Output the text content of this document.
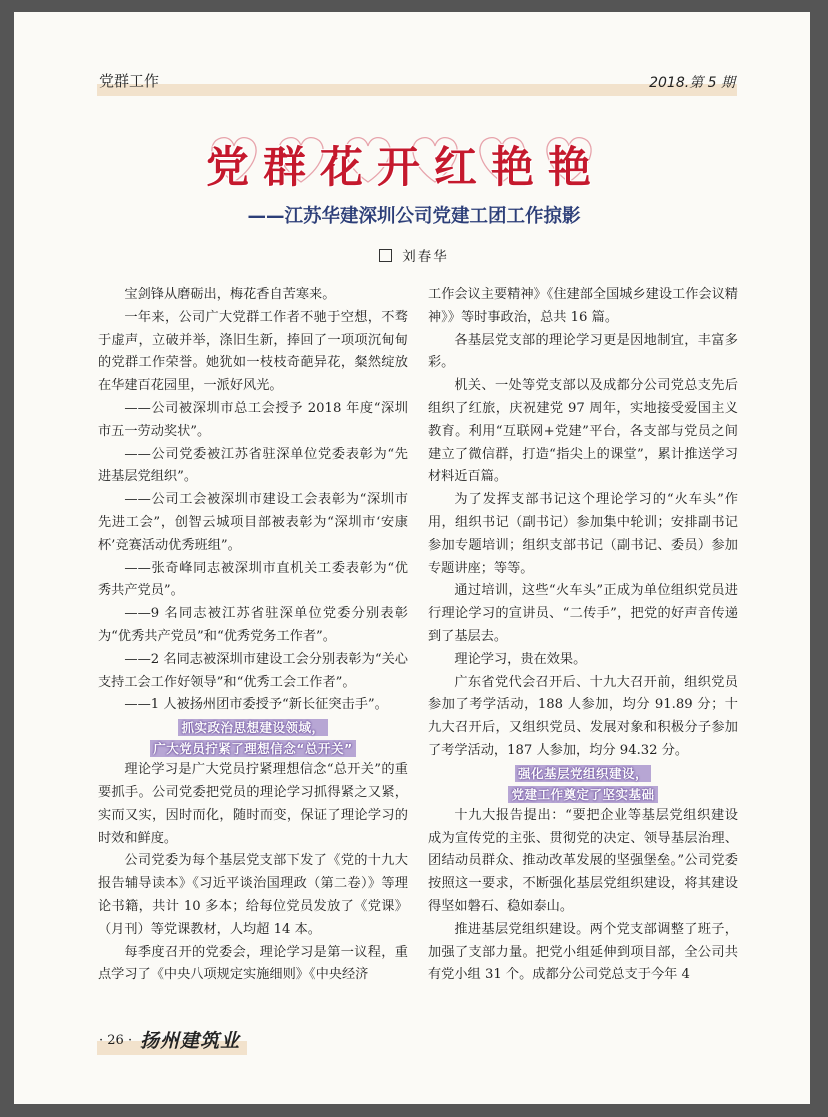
党群工作	2018.第 5 期
党群花开红艳艳
——江苏华建深圳公司党建工团工作掠影
刘春华

宝剑锋从磨砺出，梅花香自苦寒来。

一年来，公司广大党群工作者不驰于空想，不骛于虚声，立破并举，涤旧生新，捧回了一项项沉甸甸的党群工作荣誉。她犹如一枝枝奇葩异花，粲然绽放在华建百花园里，一派好风光。

——公司被深圳市总工会授予 2018 年度“深圳市五一劳动奖状”。

——公司党委被江苏省驻深单位党委表彰为“先进基层党组织”。

——公司工会被深圳市建设工会表彰为“深圳市先进工会”，创智云城项目部被表彰为“深圳市‘安康杯’竞赛活动优秀班组”。

——张奇峰同志被深圳市直机关工委表彰为“优秀共产党员”。

——9 名同志被江苏省驻深单位党委分别表彰为“优秀共产党员”和“优秀党务工作者”。

——2 名同志被深圳市建设工会分别表彰为“关心支持工会工作好领导”和“优秀工会工作者”。

——1 人被扬州团市委授予“新长征突击手”。

抓实政治思想建设领域，

广大党员拧紧了理想信念“总开关”

理论学习是广大党员拧紧理想信念“总开关”的重要抓手。公司党委把党员的理论学习抓得紧之又紧，实而又实，因时而化，随时而变，保证了理论学习的时效和鲜度。

公司党委为每个基层党支部下发了《党的十九大报告辅导读本》《习近平谈治国理政（第二卷）》等理论书籍，共计 10 多本；给每位党员发放了《党课》（月刊）等党课教材，人均超 14 本。

每季度召开的党委会，理论学习是第一议程，重点学习了《中央八项规定实施细则》《中央经济

工作会议主要精神》《住建部全国城乡建设工作会议精神》》等时事政治，总共 16 篇。

各基层党支部的理论学习更是因地制宜，丰富多彩。

机关、一处等党支部以及成都分公司党总支先后组织了红旅，庆祝建党 97 周年，实地接受爱国主义教育。利用“互联网+党建”平台，各支部与党员之间建立了微信群，打造“指尖上的课堂”，累计推送学习材料近百篇。

为了发挥支部书记这个理论学习的“火车头”作用，组织书记（副书记）参加集中轮训；安排副书记参加专题培训；组织支部书记（副书记、委员）参加专题讲座；等等。

通过培训，这些“火车头”正成为单位组织党员进行理论学习的宣讲员、“二传手”，把党的好声音传递到了基层去。

理论学习，贵在效果。

广东省党代会召开后、十九大召开前，组织党员参加了考学活动，188 人参加，均分 91.89 分；十九大召开后，又组织党员、发展对象和积极分子参加了考学活动，187 人参加，均分 94.32 分。

强化基层党组织建设，

党建工作奠定了坚实基础

十九大报告提出：“要把企业等基层党组织建设成为宣传党的主张、贯彻党的决定、领导基层治理、团结动员群众、推动改革发展的坚强堡垒。”公司党委按照这一要求，不断强化基层党组织建设，将其建设得坚如磐石、稳如泰山。

推进基层党组织建设。两个党支部调整了班子，加强了支部力量。把党小组延伸到项目部，全公司共有党小组 31 个。成都分公司党总支于今年 4

· 26 · 扬州建筑业
